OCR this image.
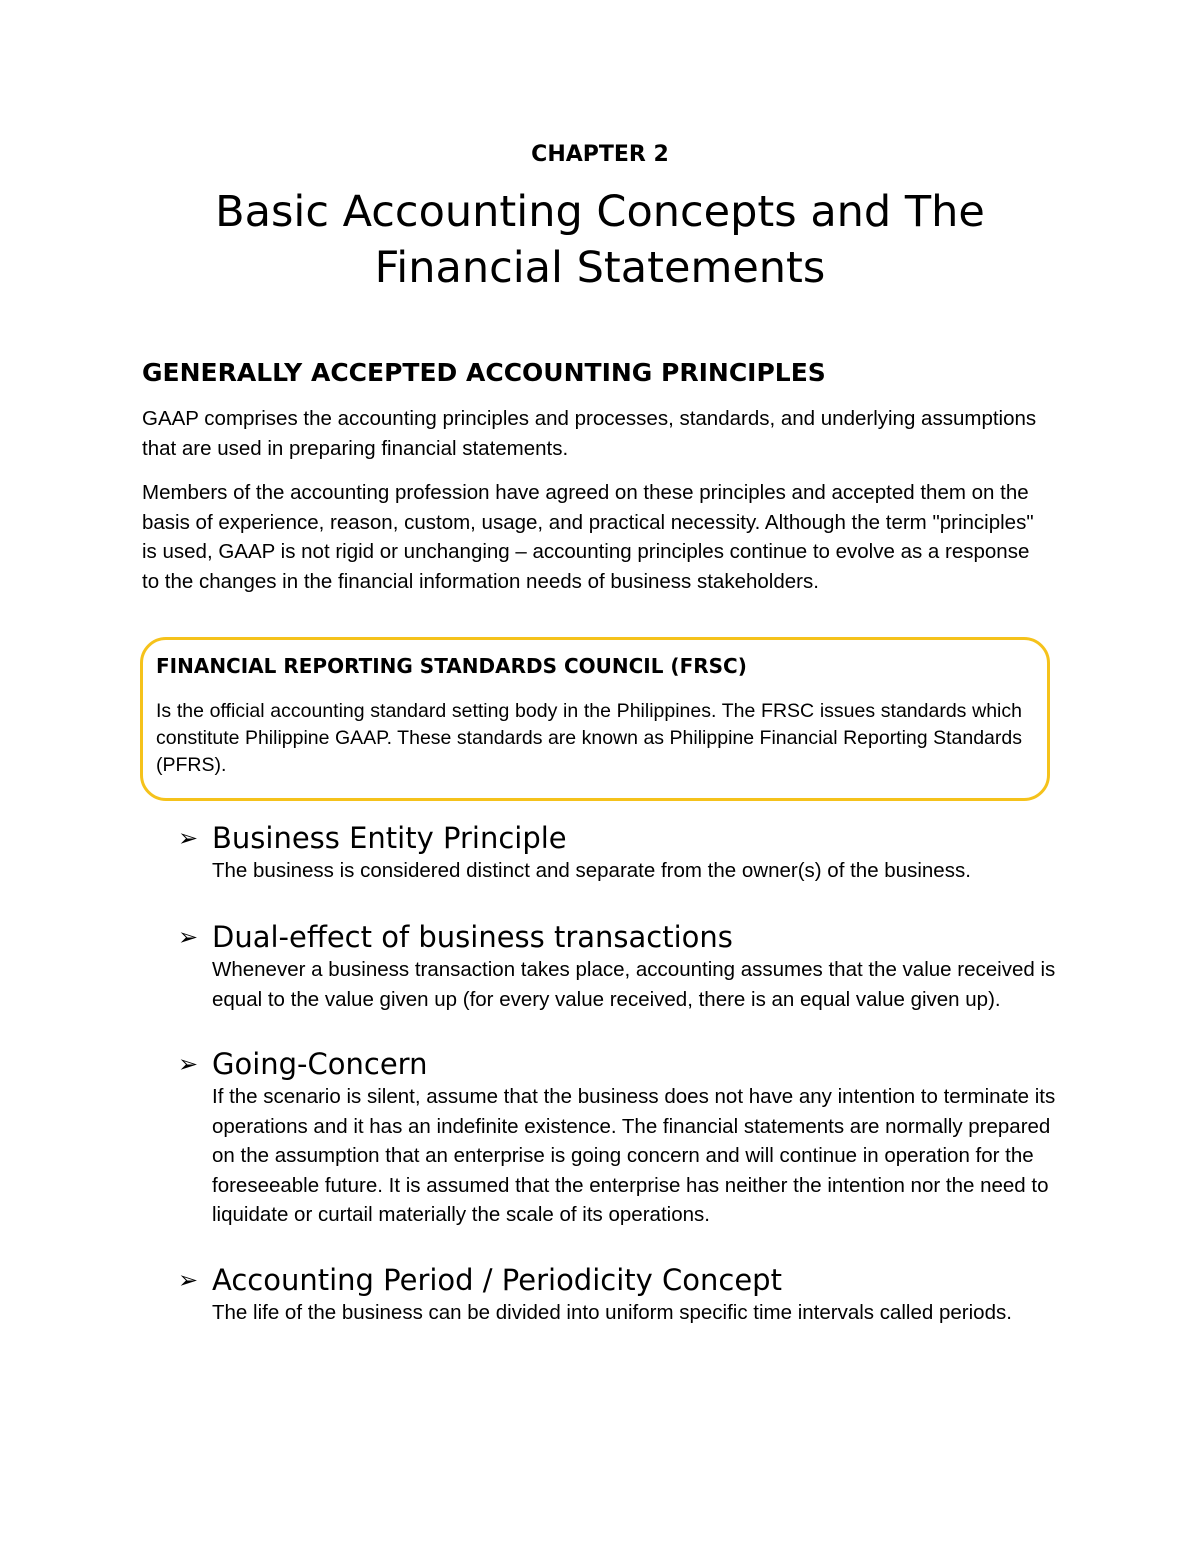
CHAPTER 2
Basic Accounting Concepts and The
Financial Statements
GENERALLY ACCEPTED ACCOUNTING PRINCIPLES

GAAP comprises the accounting principles and processes, standards, and underlying assumptions that are used in preparing financial statements.

Members of the accounting profession have agreed on these principles and accepted them on the basis of experience, reason, custom, usage, and practical necessity. Although the term "principles" is used, GAAP is not rigid or unchanging – accounting principles continue to evolve as a response to the changes in the financial information needs of business stakeholders.

FINANCIAL REPORTING STANDARDS COUNCIL (FRSC)

Is the official accounting standard setting body in the Philippines. The FRSC issues standards which constitute Philippine GAAP. These standards are known as Philippine Financial Reporting Standards (PFRS).

➢ Business Entity Principle

The business is considered distinct and separate from the owner(s) of the business.

➢ Dual-effect of business transactions

Whenever a business transaction takes place, accounting assumes that the value received is equal to the value given up (for every value received, there is an equal value given up).

➢ Going-Concern

If the scenario is silent, assume that the business does not have any intention to terminate its operations and it has an indefinite existence. The financial statements are normally prepared on the assumption that an enterprise is going concern and will continue in operation for the foreseeable future. It is assumed that the enterprise has neither the intention nor the need to liquidate or curtail materially the scale of its operations.

➢ Accounting Period / Periodicity Concept

The life of the business can be divided into uniform specific time intervals called periods.
